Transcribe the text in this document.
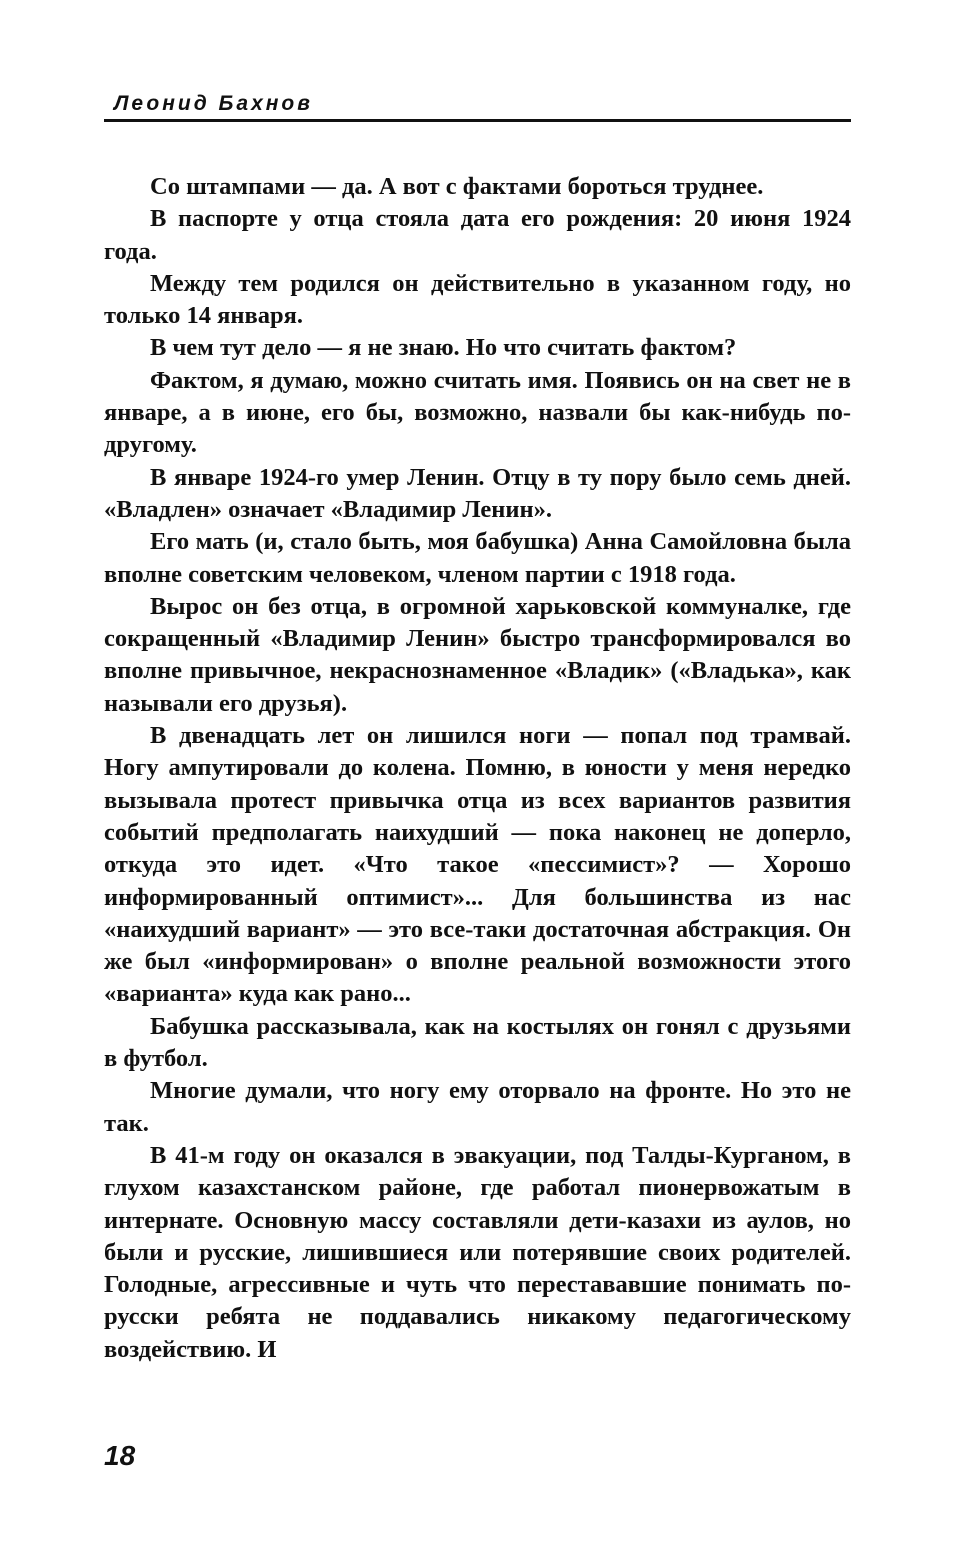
Леонид Бахнов

Со штампами — да. А вот с фактами бороться труднее.

В паспорте у отца стояла дата его рождения: 20 июня 1924 года.

Между тем родился он действительно в указанном году, но только 14 января.

В чем тут дело — я не знаю. Но что считать фактом?

Фактом, я думаю, можно считать имя. Появись он на свет не в январе, а в июне, его бы, возможно, назвали бы как-нибудь по-другому.

В январе 1924-го умер Ленин. Отцу в ту пору было семь дней. «Владлен» означает «Владимир Ленин».

Его мать (и, стало быть, моя бабушка) Анна Самойловна была вполне советским человеком, членом партии с 1918 года.

Вырос он без отца, в огромной харьковской коммуналке, где сокращенный «Владимир Ленин» быстро трансформировался во вполне привычное, некраснознаменное «Владик» («Владька», как называли его друзья).

В двенадцать лет он лишился ноги — попал под трамвай. Ногу ампутировали до колена. Помню, в юности у меня нередко вызывала протест привычка отца из всех вариантов развития событий предполагать наихудший — пока наконец не доперло, откуда это идет. «Что такое «пессимист»? — Хорошо информированный оптимист»... Для большинства из нас «наихудший вариант» — это все-таки достаточная абстракция. Он же был «информирован» о вполне реальной возможности этого «варианта» куда как рано...

Бабушка рассказывала, как на костылях он гонял с друзьями в футбол.

Многие думали, что ногу ему оторвало на фронте. Но это не так.

В 41-м году он оказался в эвакуации, под Талды-Курганом, в глухом казахстанском районе, где работал пионервожатым в интернате. Основную массу составляли дети-казахи из аулов, но были и русские, лишившиеся или потерявшие своих родителей. Голодные, агрессивные и чуть что перестававшие понимать по-русски ребята не поддавались никакому педагогическому воздействию. И

18
